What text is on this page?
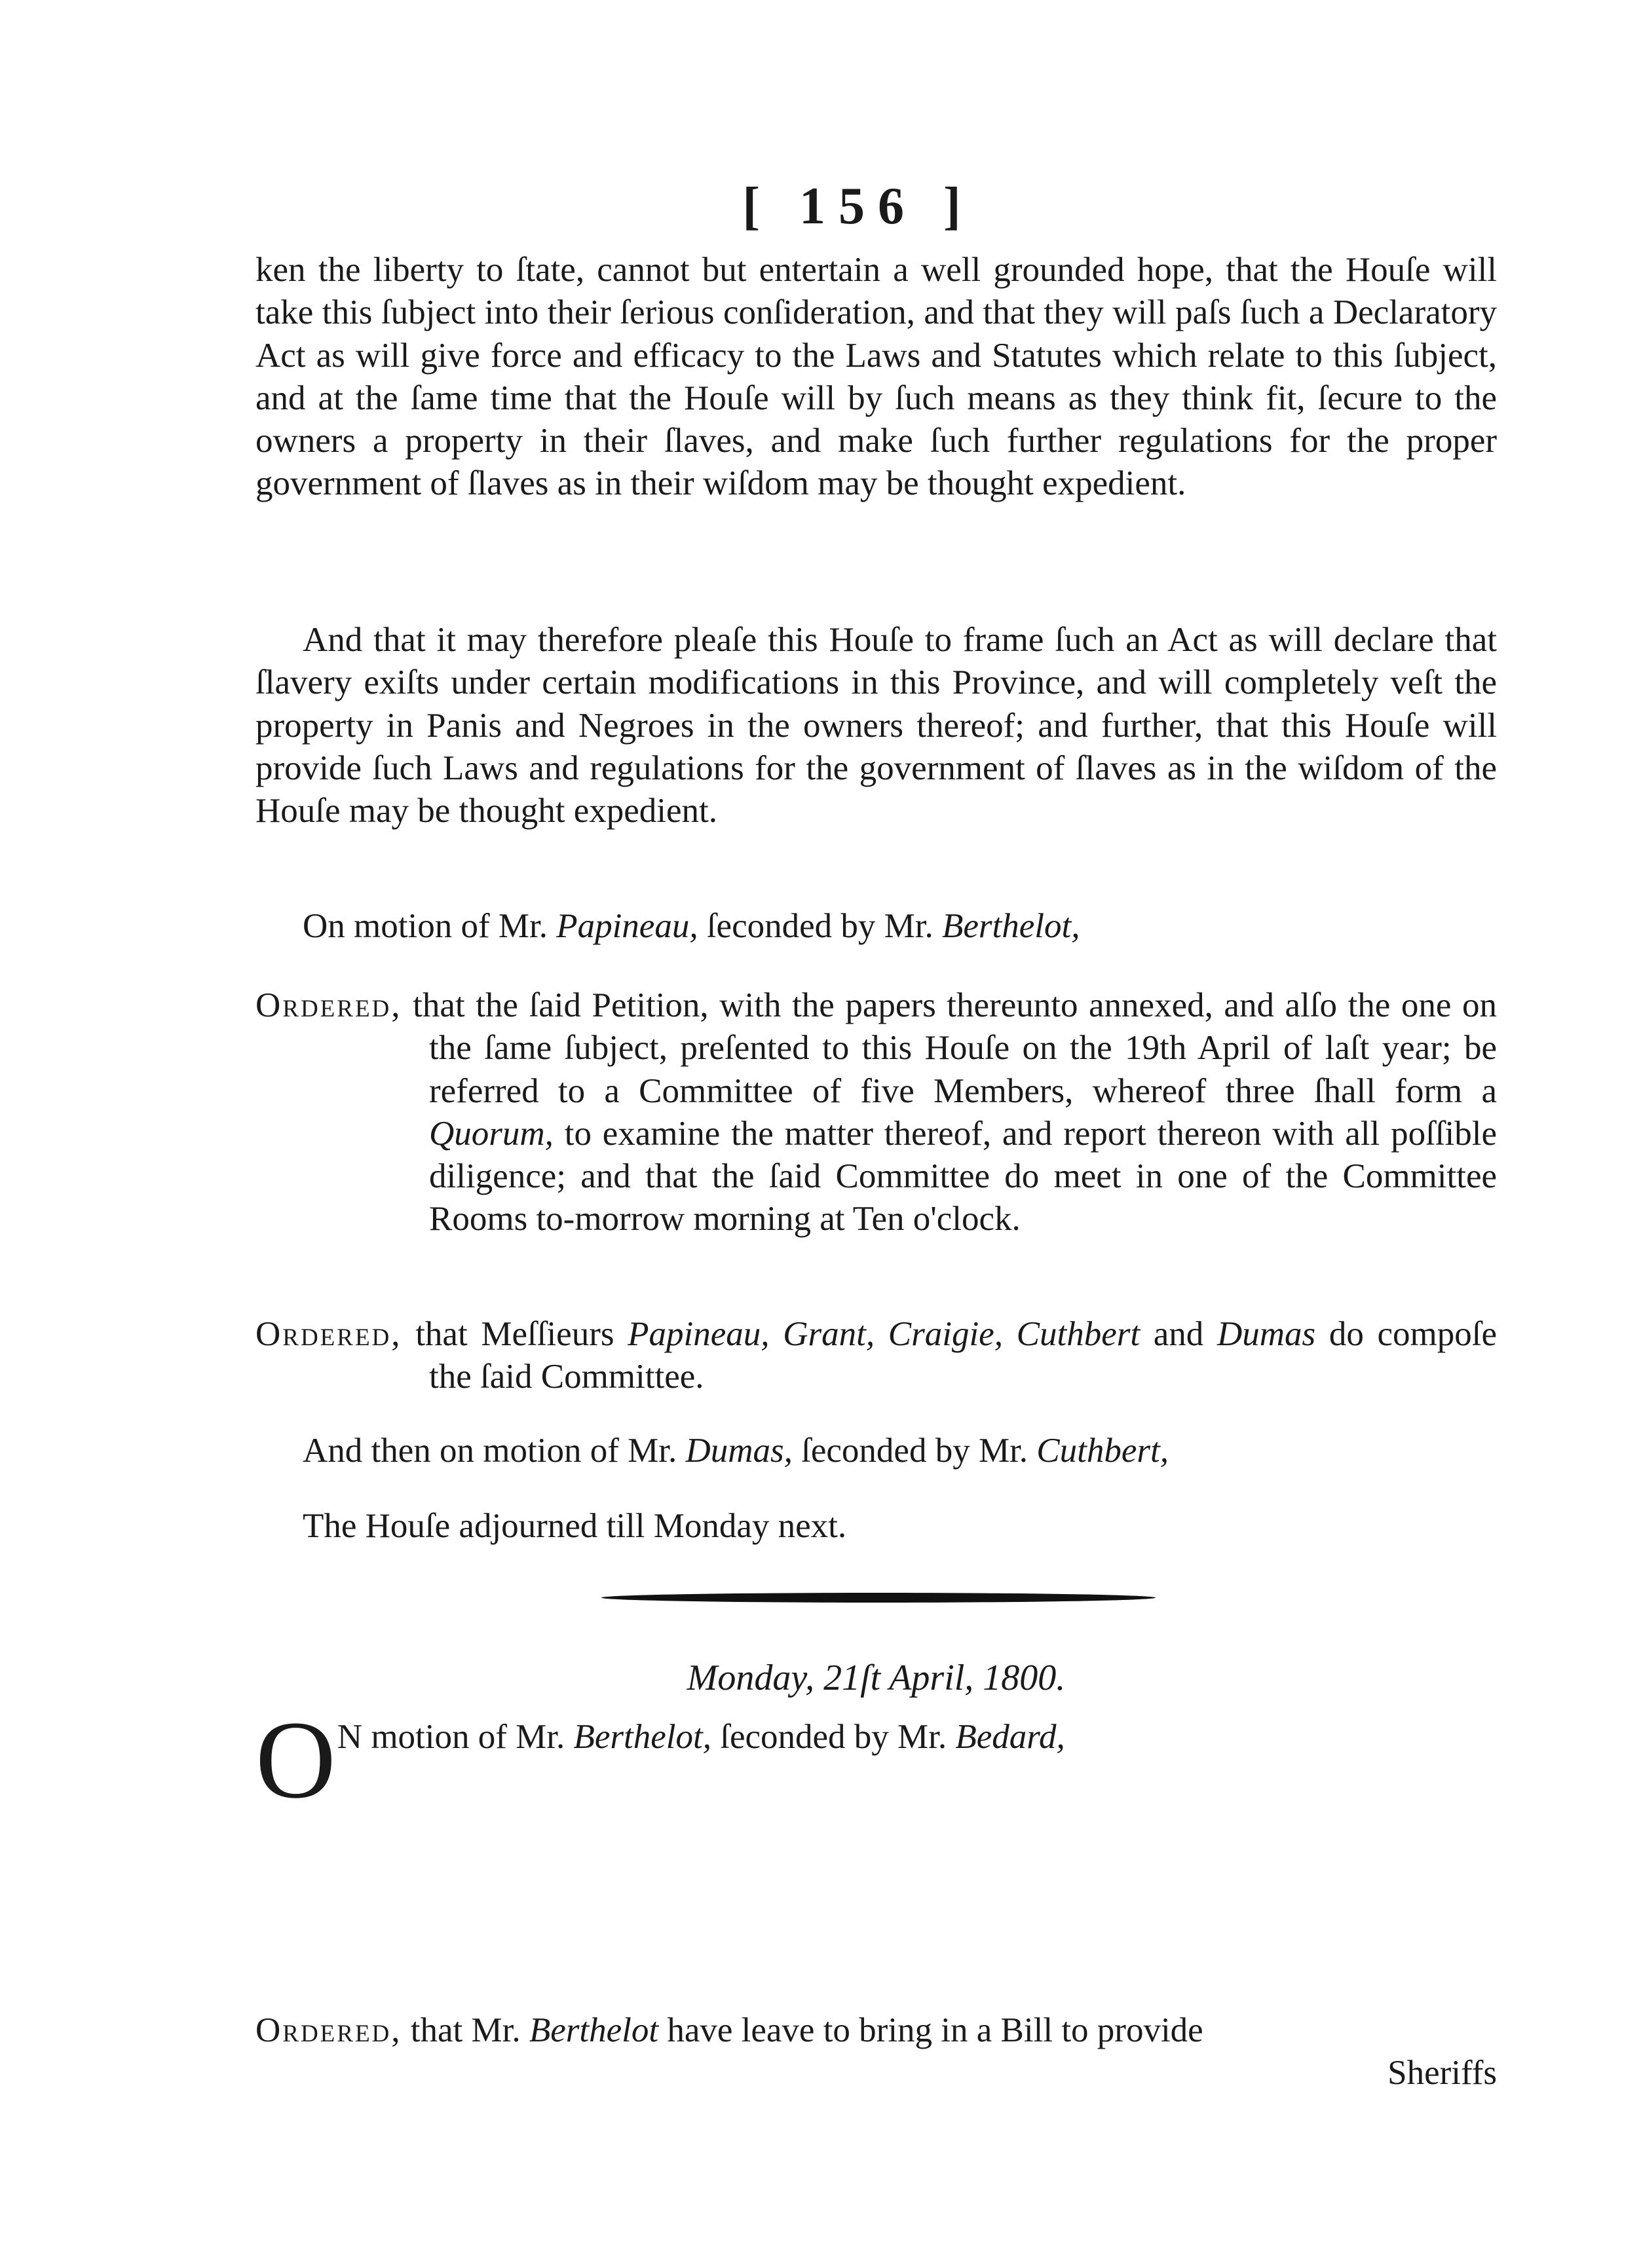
[ 156 ]

ken the liberty to ſtate, cannot but entertain a well grounded hope, that the Houſe will take this ſubject into their ſerious conſideration, and that they will paſs ſuch a Declaratory Act as will give force and efficacy to the Laws and Statutes which relate to this ſubject, and at the ſame time that the Houſe will by ſuch means as they think fit, ſecure to the owners a property in their ſlaves, and make ſuch further regulations for the proper government of ſlaves as in their wiſdom may be thought expedient.

And that it may therefore pleaſe this Houſe to frame ſuch an Act as will declare that ſlavery exiſts under certain modifications in this Province, and will completely veſt the property in Panis and Negroes in the owners thereof; and further, that this Houſe will provide ſuch Laws and regulations for the government of ſlaves as in the wiſdom of the Houſe may be thought expedient.

On motion of Mr. Papineau, ſeconded by Mr. Berthelot,

Ordered, that the ſaid Petition, with the papers thereunto annexed, and alſo the one on the ſame ſubject, preſented to this Houſe on the 19th April of laſt year; be referred to a Committee of five Members, whereof three ſhall form a Quorum, to examine the matter thereof, and report thereon with all poſſible diligence; and that the ſaid Committee do meet in one of the Committee Rooms to-morrow morning at Ten o'clock.

Ordered, that Meſſieurs Papineau, Grant, Craigie, Cuthbert and Dumas do compoſe the ſaid Committee.

And then on motion of Mr. Dumas, ſeconded by Mr. Cuthbert,

The Houſe adjourned till Monday next.

Monday, 21ſt April, 1800.

O N motion of Mr. Berthelot, ſeconded by Mr. Bedard,

Ordered, that Mr. Berthelot have leave to bring in a Bill to provide

Sheriffs
